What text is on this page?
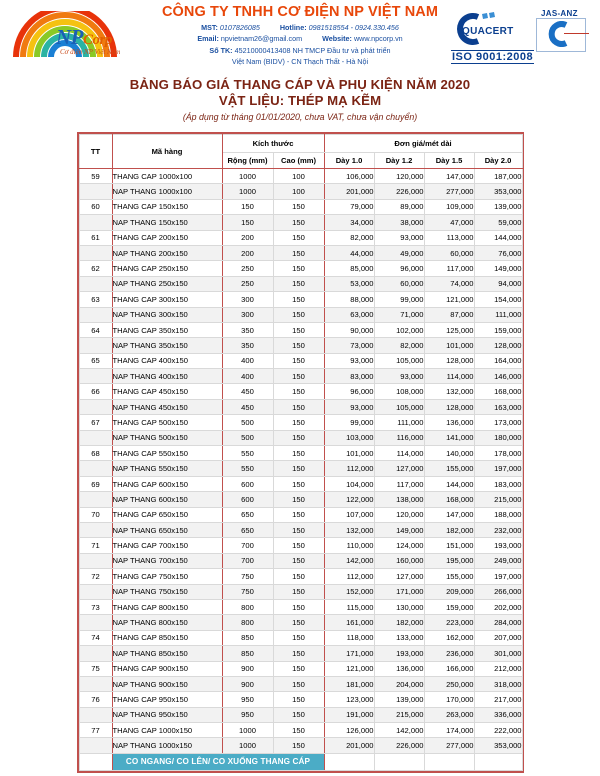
NPCorp
Cơ điện NP Việt Nam
CÔNG TY TNHH CƠ ĐIỆN NP VIỆT NAM
MST: 0107826085	Hotline: 0981518554 - 0924.330.456
Email: npvietnam26@gmail.com	Website: www.npcorp.vn
Số TK: 45210000413408 NH TMCP Đầu tư và phát triển
Việt Nam (BIDV) - CN Thạch Thất - Hà Nội
QUACERT
JAS-ANZ
ISO 9001:2008
BẢNG BÁO GIÁ THANG CÁP VÀ PHỤ KIỆN NĂM 2020
VẬT LIỆU: THÉP MẠ KẼM
(Áp dụng từ tháng 01/01/2020, chưa VAT, chưa vận chuyển)
TT	Mã hàng	Kích thước		Đơn giá/mét dài			
		Rộng (mm)	Cao (mm)	Dày 1.0	Dày 1.2	Dày 1.5	Dày 2.0
59	THANG CAP 1000x100	1000	100	106,000	120,000	147,000	187,000
	NAP THANG 1000x100	1000	100	201,000	226,000	277,000	353,000
60	THANG CAP 150x150	150	150	79,000	89,000	109,000	139,000
	NAP THANG 150x150	150	150	34,000	38,000	47,000	59,000
61	THANG CAP 200x150	200	150	82,000	93,000	113,000	144,000
	NAP THANG 200x150	200	150	44,000	49,000	60,000	76,000
62	THANG CAP 250x150	250	150	85,000	96,000	117,000	149,000
	NAP THANG 250x150	250	150	53,000	60,000	74,000	94,000
63	THANG CAP 300x150	300	150	88,000	99,000	121,000	154,000
	NAP THANG 300x150	300	150	63,000	71,000	87,000	111,000
64	THANG CAP 350x150	350	150	90,000	102,000	125,000	159,000
	NAP THANG 350x150	350	150	73,000	82,000	101,000	128,000
65	THANG CAP 400x150	400	150	93,000	105,000	128,000	164,000
	NAP THANG 400x150	400	150	83,000	93,000	114,000	146,000
66	THANG CAP 450x150	450	150	96,000	108,000	132,000	168,000
	NAP THANG 450x150	450	150	93,000	105,000	128,000	163,000
67	THANG CAP 500x150	500	150	99,000	111,000	136,000	173,000
	NAP THANG 500x150	500	150	103,000	116,000	141,000	180,000
68	THANG CAP 550x150	550	150	101,000	114,000	140,000	178,000
	NAP THANG 550x150	550	150	112,000	127,000	155,000	197,000
69	THANG CAP 600x150	600	150	104,000	117,000	144,000	183,000
	NAP THANG 600x150	600	150	122,000	138,000	168,000	215,000
70	THANG CAP 650x150	650	150	107,000	120,000	147,000	188,000
	NAP THANG 650x150	650	150	132,000	149,000	182,000	232,000
71	THANG CAP 700x150	700	150	110,000	124,000	151,000	193,000
	NAP THANG 700x150	700	150	142,000	160,000	195,000	249,000
72	THANG CAP 750x150	750	150	112,000	127,000	155,000	197,000
	NAP THANG 750x150	750	150	152,000	171,000	209,000	266,000
73	THANG CAP 800x150	800	150	115,000	130,000	159,000	202,000
	NAP THANG 800x150	800	150	161,000	182,000	223,000	284,000
74	THANG CAP 850x150	850	150	118,000	133,000	162,000	207,000
	NAP THANG 850x150	850	150	171,000	193,000	236,000	301,000
75	THANG CAP 900x150	900	150	121,000	136,000	166,000	212,000
	NAP THANG 900x150	900	150	181,000	204,000	250,000	318,000
76	THANG CAP 950x150	950	150	123,000	139,000	170,000	217,000
	NAP THANG 950x150	950	150	191,000	215,000	263,000	336,000
77	THANG CAP 1000x150	1000	150	126,000	142,000	174,000	222,000
	NAP THANG 1000x150	1000	150	201,000	226,000	277,000	353,000

	CO NGANG/ CO LÊN/ CO XUỐNG THANG CÁP						
